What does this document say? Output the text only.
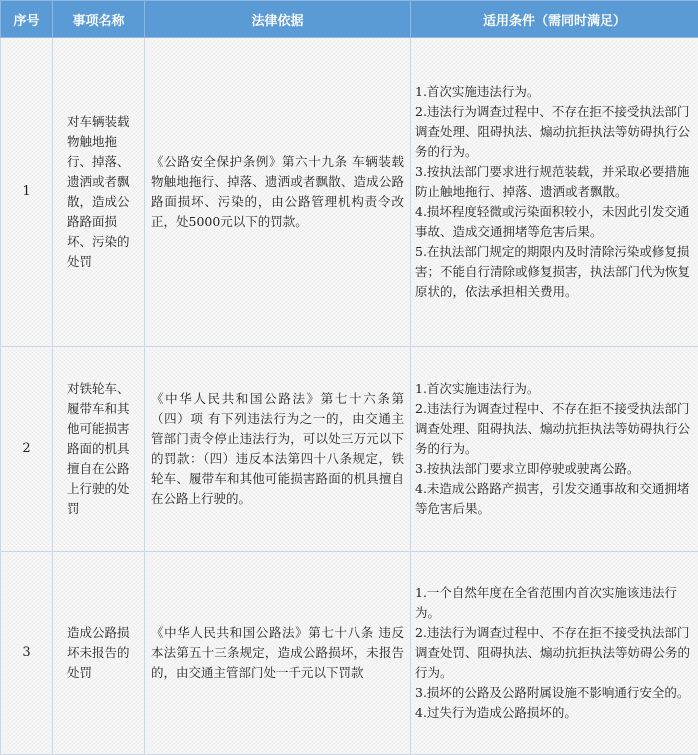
序号	事项名称	法律依据	适用条件（需同时满足）
1	对车辆装载物触地拖行、掉落、遗洒或者飘散，造成公路路面损坏、污染的处罚	《公路安全保护条例》第六十九条 车辆装载物触地拖行、掉落、遗洒或者飘散、造成公路路面损坏、污染的，由公路管理机构责令改正，处5000元以下的罚款。	1.首次实施违法行为。
2.违法行为调查过程中、不存在拒不接受执法部门调查处理、阻碍执法、煽动抗拒执法等妨碍执行公务的行为。
3.按执法部门要求进行规范装载，并采取必要措施防止触地拖行、掉落、遗洒或者飘散。
4.损坏程度轻微或污染面积较小，未因此引发交通事故、造成交通拥堵等危害后果。
5.在执法部门规定的期限内及时清除污染或修复损害；不能自行清除或修复损害，执法部门代为恢复原状的，依法承担相关费用。

2	对铁轮车、履带车和其他可能损害路面的机具擅自在公路上行驶的处罚	《中华人民共和国公路法》第七十六条第（四）项 有下列违法行为之一的，由交通主管部门责令停止违法行为，可以处三万元以下的罚款：（四）违反本法第四十八条规定，铁轮车、履带车和其他可能损害路面的机具擅自在公路上行驶的。	1.首次实施违法行为。
2.违法行为调查过程中、不存在拒不接受执法部门调查处理、阻碍执法、煽动抗拒执法等妨碍执行公务的行为。
3.按执法部门要求立即停驶或驶离公路。
4.未造成公路路产损害，引发交通事故和交通拥堵等危害后果。

3	造成公路损坏未报告的处罚	《中华人民共和国公路法》第七十八条 违反本法第五十三条规定，造成公路损坏，未报告的，由交通主管部门处一千元以下罚款	1.一个自然年度在全省范围内首次实施该违法行为。
2.违法行为调查过程中、不存在拒不接受执法部门调查处罚、阻碍执法、煽动抗拒执法等妨碍公务的行为。
3.损坏的公路及公路附属设施不影响通行安全的。
4.过失行为造成公路损坏的。
